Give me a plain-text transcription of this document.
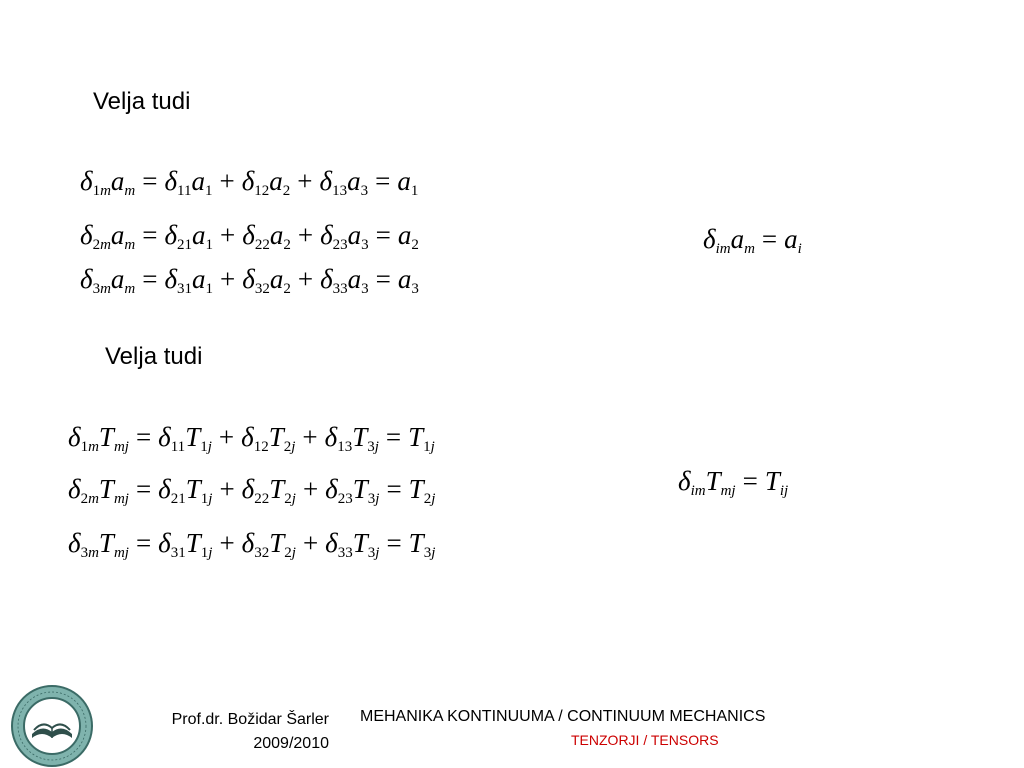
Velja tudi
$\delta_{1m}a_m = \delta_{11}a_1 + \delta_{12}a_2 + \delta_{13}a_3 = a_1$
$\delta_{2m}a_m = \delta_{21}a_1 + \delta_{22}a_2 + \delta_{23}a_3 = a_2$
$\delta_{3m}a_m = \delta_{31}a_1 + \delta_{32}a_2 + \delta_{33}a_3 = a_3$
$\delta_{im}a_m = a_i$
Velja tudi
$\delta_{1m}T_{mj} = \delta_{11}T_{1j} + \delta_{12}T_{2j} + \delta_{13}T_{3j} = T_{1j}$
$\delta_{2m}T_{mj} = \delta_{21}T_{1j} + \delta_{22}T_{2j} + \delta_{23}T_{3j} = T_{2j}$
$\delta_{3m}T_{mj} = \delta_{31}T_{1j} + \delta_{32}T_{2j} + \delta_{33}T_{3j} = T_{3j}$
$\delta_{im}T_{mj} = T_{ij}$
Prof.dr. Božidar Šarler
2009/2010
MEHANIKA KONTINUUMA / CONTINUUM MECHANICS
TENZORJI / TENSORS
